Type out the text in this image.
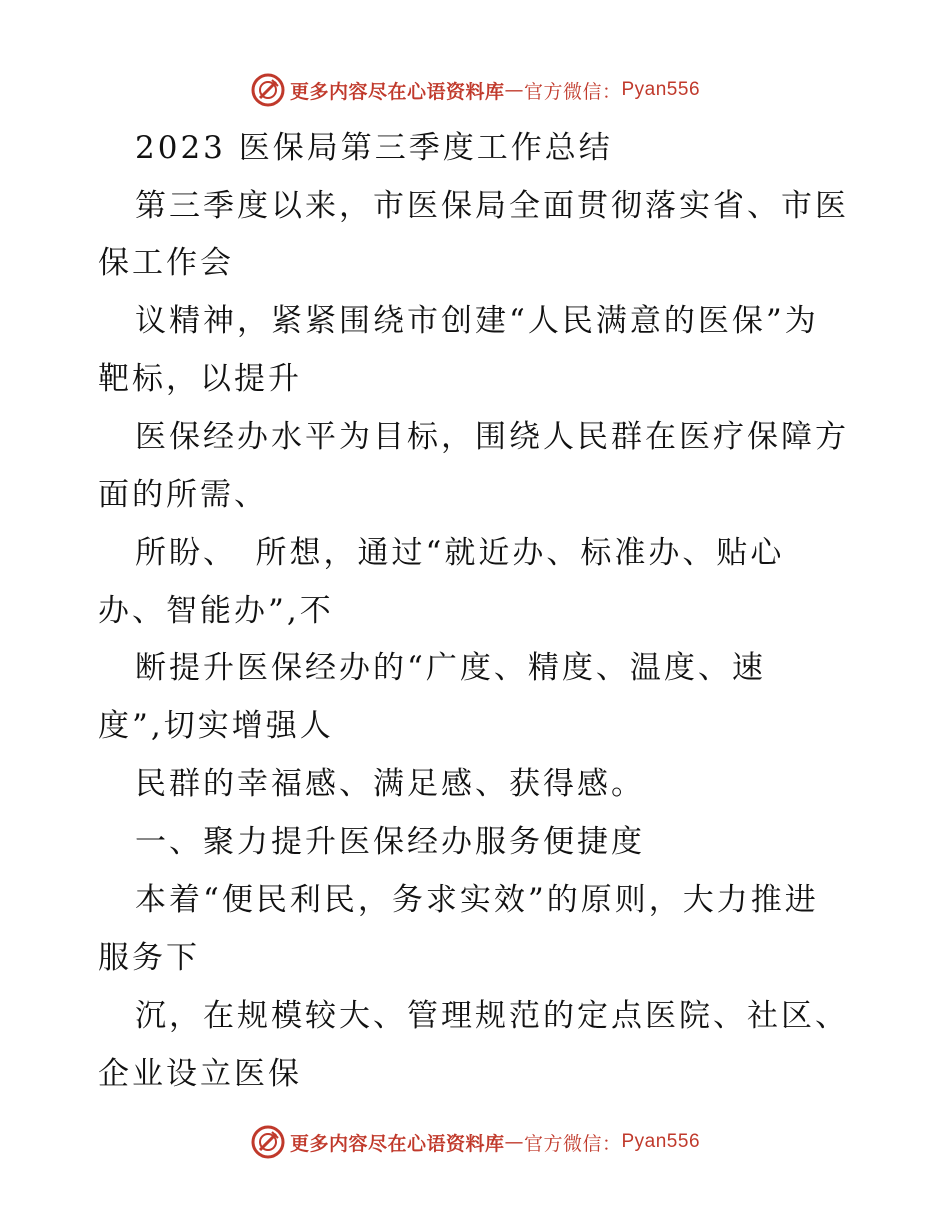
更多内容尽在心语资料库 — 官方微信： Pyan556
2023 医保局第三季度工作总结
第三季度以来，市医保局全面贯彻落实省、市医
保工作会
议精神，紧紧围绕市创建“人民满意的医保”为
靶标，以提升
医保经办水平为目标，围绕人民群在医疗保障方
面的所需、
所盼、　所想，通过“就近办、标准办、贴心
办、智能办”,不
断提升医保经办的“广度、精度、温度、速
度”,切实增强人
民群的幸福感、满足感、获得感。
一、聚力提升医保经办服务便捷度
本着“便民利民，务求实效”的原则，大力推进
服务下
沉，在规模较大、管理规范的定点医院、社区、
企业设立医保
更多内容尽在心语资料库 — 官方微信： Pyan556
